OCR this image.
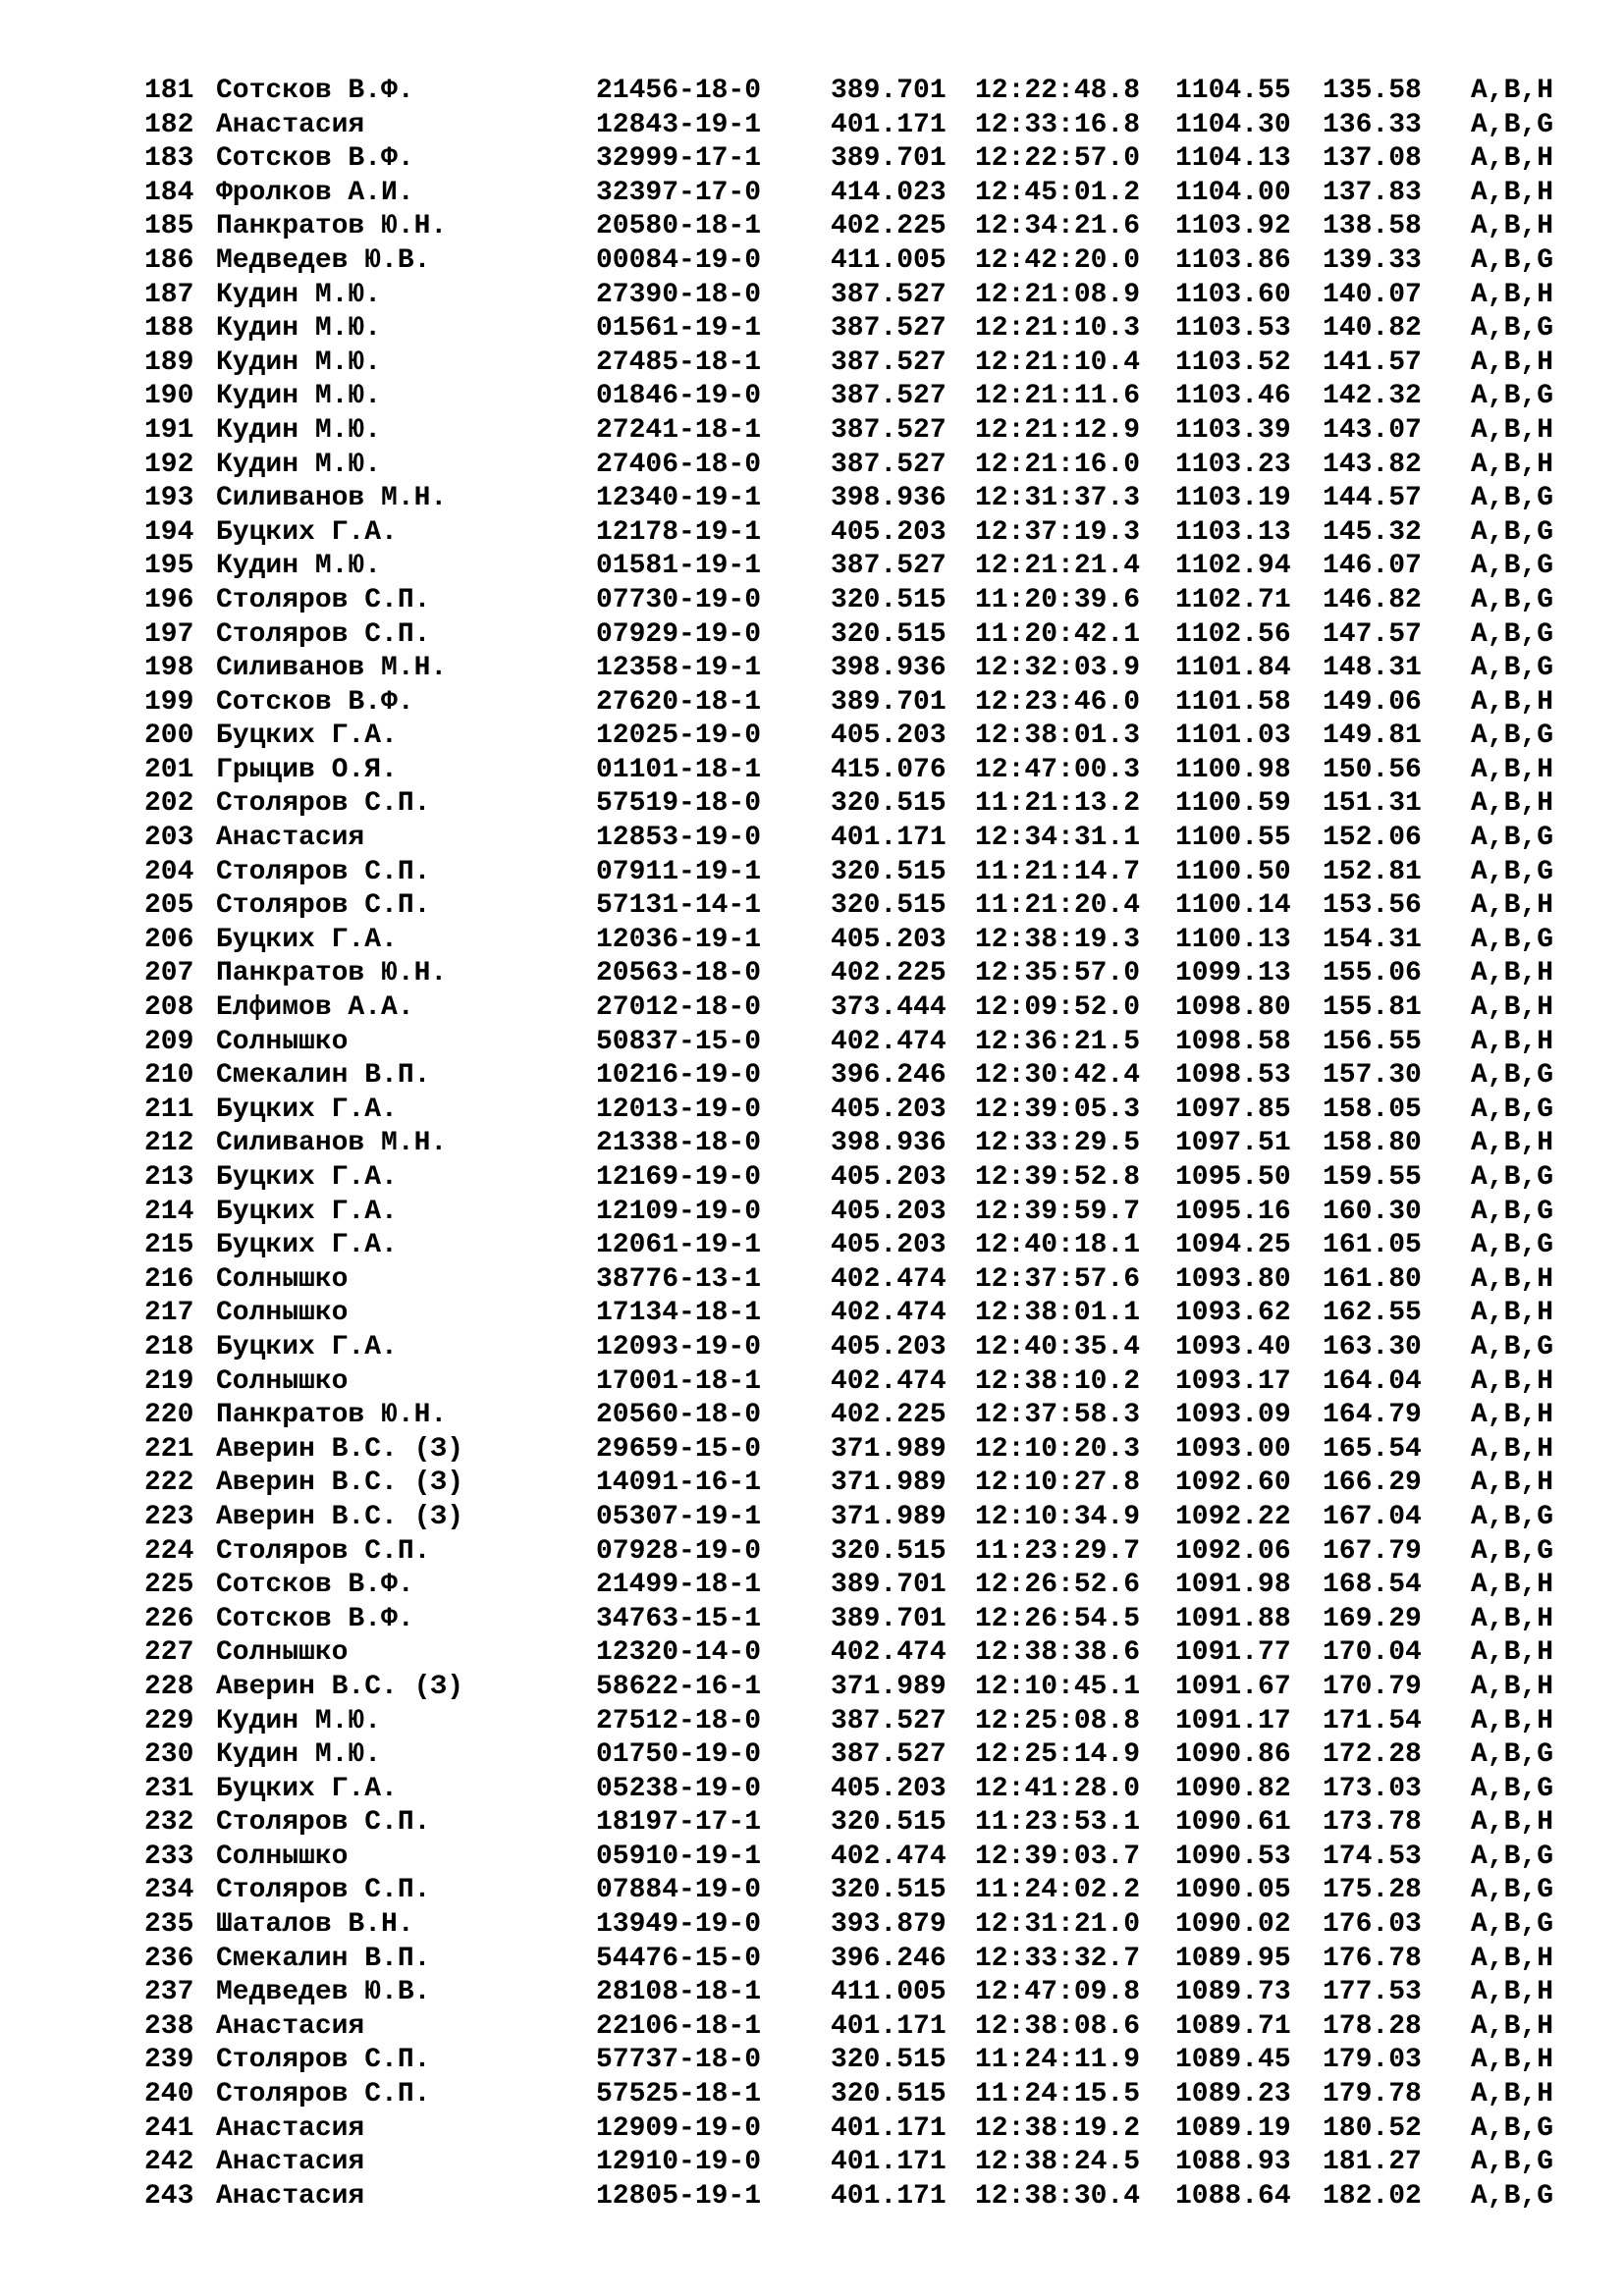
181 Сотсков В.Ф.	21456-18-0	389.701 12:22:48.8 1104.55 135.58 A,B,H
182 Анастасия	12843-19-1	401.171 12:33:16.8 1104.30 136.33 A,B,G
183 Сотсков В.Ф.	32999-17-1	389.701 12:22:57.0 1104.13 137.08 A,B,H
184 Фролков А.И.	32397-17-0	414.023 12:45:01.2 1104.00 137.83 A,B,H
185 Панкратов Ю.Н.	20580-18-1	402.225 12:34:21.6 1103.92 138.58 A,B,H
186 Медведев Ю.В.	00084-19-0	411.005 12:42:20.0 1103.86 139.33 A,B,G
187 Кудин М.Ю.	27390-18-0	387.527 12:21:08.9 1103.60 140.07 A,B,H
188 Кудин М.Ю.	01561-19-1	387.527 12:21:10.3 1103.53 140.82 A,B,G
189 Кудин М.Ю.	27485-18-1	387.527 12:21:10.4 1103.52 141.57 A,B,H
190 Кудин М.Ю.	01846-19-0	387.527 12:21:11.6 1103.46 142.32 A,B,G
191 Кудин М.Ю.	27241-18-1	387.527 12:21:12.9 1103.39 143.07 A,B,H
192 Кудин М.Ю.	27406-18-0	387.527 12:21:16.0 1103.23 143.82 A,B,H
193 Силиванов М.Н.	12340-19-1	398.936 12:31:37.3 1103.19 144.57 A,B,G
194 Буцких Г.А.	12178-19-1	405.203 12:37:19.3 1103.13 145.32 A,B,G
195 Кудин М.Ю.	01581-19-1	387.527 12:21:21.4 1102.94 146.07 A,B,G
196 Столяров С.П.	07730-19-0	320.515 11:20:39.6 1102.71 146.82 A,B,G
197 Столяров С.П.	07929-19-0	320.515 11:20:42.1 1102.56 147.57 A,B,G
198 Силиванов М.Н.	12358-19-1	398.936 12:32:03.9 1101.84 148.31 A,B,G
199 Сотсков В.Ф.	27620-18-1	389.701 12:23:46.0 1101.58 149.06 A,B,H
200 Буцких Г.А.	12025-19-0	405.203 12:38:01.3 1101.03 149.81 A,B,G
201 Грыцив О.Я.	01101-18-1	415.076 12:47:00.3 1100.98 150.56 A,B,H
202 Столяров С.П.	57519-18-0	320.515 11:21:13.2 1100.59 151.31 A,B,H
203 Анастасия	12853-19-0	401.171 12:34:31.1 1100.55 152.06 A,B,G
204 Столяров С.П.	07911-19-1	320.515 11:21:14.7 1100.50 152.81 A,B,G
205 Столяров С.П.	57131-14-1	320.515 11:21:20.4 1100.14 153.56 A,B,H
206 Буцких Г.А.	12036-19-1	405.203 12:38:19.3 1100.13 154.31 A,B,G
207 Панкратов Ю.Н.	20563-18-0	402.225 12:35:57.0 1099.13 155.06 A,B,H
208 Елфимов А.А.	27012-18-0	373.444 12:09:52.0 1098.80 155.81 A,B,H
209 Солнышко	50837-15-0	402.474 12:36:21.5 1098.58 156.55 A,B,H
210 Смекалин В.П.	10216-19-0	396.246 12:30:42.4 1098.53 157.30 A,B,G
211 Буцких Г.А.	12013-19-0	405.203 12:39:05.3 1097.85 158.05 A,B,G
212 Силиванов М.Н.	21338-18-0	398.936 12:33:29.5 1097.51 158.80 A,B,H
213 Буцких Г.А.	12169-19-0	405.203 12:39:52.8 1095.50 159.55 A,B,G
214 Буцких Г.А.	12109-19-0	405.203 12:39:59.7 1095.16 160.30 A,B,G
215 Буцких Г.А.	12061-19-1	405.203 12:40:18.1 1094.25 161.05 A,B,G
216 Солнышко	38776-13-1	402.474 12:37:57.6 1093.80 161.80 A,B,H
217 Солнышко	17134-18-1	402.474 12:38:01.1 1093.62 162.55 A,B,H
218 Буцких Г.А.	12093-19-0	405.203 12:40:35.4 1093.40 163.30 A,B,G
219 Солнышко	17001-18-1	402.474 12:38:10.2 1093.17 164.04 A,B,H
220 Панкратов Ю.Н.	20560-18-0	402.225 12:37:58.3 1093.09 164.79 A,B,H
221 Аверин В.С. (З)	29659-15-0	371.989 12:10:20.3 1093.00 165.54 A,B,H
222 Аверин В.С. (З)	14091-16-1	371.989 12:10:27.8 1092.60 166.29 A,B,H
223 Аверин В.С. (З)	05307-19-1	371.989 12:10:34.9 1092.22 167.04 A,B,G
224 Столяров С.П.	07928-19-0	320.515 11:23:29.7 1092.06 167.79 A,B,G
225 Сотсков В.Ф.	21499-18-1	389.701 12:26:52.6 1091.98 168.54 A,B,H
226 Сотсков В.Ф.	34763-15-1	389.701 12:26:54.5 1091.88 169.29 A,B,H
227 Солнышко	12320-14-0	402.474 12:38:38.6 1091.77 170.04 A,B,H
228 Аверин В.С. (З)	58622-16-1	371.989 12:10:45.1 1091.67 170.79 A,B,H
229 Кудин М.Ю.	27512-18-0	387.527 12:25:08.8 1091.17 171.54 A,B,H
230 Кудин М.Ю.	01750-19-0	387.527 12:25:14.9 1090.86 172.28 A,B,G
231 Буцких Г.А.	05238-19-0	405.203 12:41:28.0 1090.82 173.03 A,B,G
232 Столяров С.П.	18197-17-1	320.515 11:23:53.1 1090.61 173.78 A,B,H
233 Солнышко	05910-19-1	402.474 12:39:03.7 1090.53 174.53 A,B,G
234 Столяров С.П.	07884-19-0	320.515 11:24:02.2 1090.05 175.28 A,B,G
235 Шаталов В.Н.	13949-19-0	393.879 12:31:21.0 1090.02 176.03 A,B,G
236 Смекалин В.П.	54476-15-0	396.246 12:33:32.7 1089.95 176.78 A,B,H
237 Медведев Ю.В.	28108-18-1	411.005 12:47:09.8 1089.73 177.53 A,B,H
238 Анастасия	22106-18-1	401.171 12:38:08.6 1089.71 178.28 A,B,H
239 Столяров С.П.	57737-18-0	320.515 11:24:11.9 1089.45 179.03 A,B,H
240 Столяров С.П.	57525-18-1	320.515 11:24:15.5 1089.23 179.78 A,B,H
241 Анастасия	12909-19-0	401.171 12:38:19.2 1089.19 180.52 A,B,G
242 Анастасия	12910-19-0	401.171 12:38:24.5 1088.93 181.27 A,B,G
243 Анастасия	12805-19-1	401.171 12:38:30.4 1088.64 182.02 A,B,G
